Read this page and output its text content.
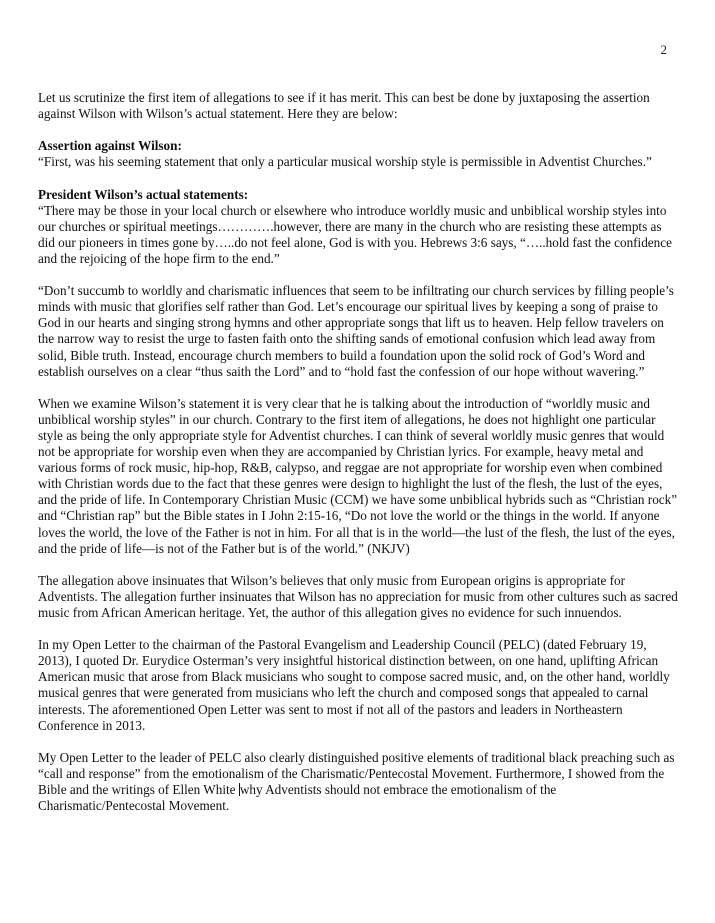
2

Let us scrutinize the first item of allegations to see if it has merit. This can best be done by juxtaposing the assertion against Wilson with Wilson’s actual statement. Here they are below:

Assertion against Wilson:
“First, was his seeming statement that only a particular musical worship style is permissible in Adventist Churches.”

President Wilson’s actual statements:
“There may be those in your local church or elsewhere who introduce worldly music and unbiblical worship styles into our churches or spiritual meetings………….however, there are many in the church who are resisting these attempts as did our pioneers in times gone by…..do not feel alone, God is with you. Hebrews 3:6 says, “…..hold fast the confidence and the rejoicing of the hope firm to the end.”

“Don’t succumb to worldly and charismatic influences that seem to be infiltrating our church services by filling people’s minds with music that glorifies self rather than God. Let’s encourage our spiritual lives by keeping a song of praise to God in our hearts and singing strong hymns and other appropriate songs that lift us to heaven. Help fellow travelers on the narrow way to resist the urge to fasten faith onto the shifting sands of emotional confusion which lead away from solid, Bible truth. Instead, encourage church members to build a foundation upon the solid rock of God’s Word and establish ourselves on a clear “thus saith the Lord” and to “hold fast the confession of our hope without wavering.”

When we examine Wilson’s statement it is very clear that he is talking about the introduction of “worldly music and unbiblical worship styles” in our church. Contrary to the first item of allegations, he does not highlight one particular style as being the only appropriate style for Adventist churches. I can think of several worldly music genres that would not be appropriate for worship even when they are accompanied by Christian lyrics. For example, heavy metal and various forms of rock music, hip-hop, R&B, calypso, and reggae are not appropriate for worship even when combined with Christian words due to the fact that these genres were design to highlight the lust of the flesh, the lust of the eyes, and the pride of life. In Contemporary Christian Music (CCM) we have some unbiblical hybrids such as “Christian rock” and “Christian rap” but the Bible states in I John 2:15-16, “Do not love the world or the things in the world. If anyone loves the world, the love of the Father is not in him. For all that is in the world—the lust of the flesh, the lust of the eyes, and the pride of life—is not of the Father but is of the world.” (NKJV)

The allegation above insinuates that Wilson’s believes that only music from European origins is appropriate for Adventists. The allegation further insinuates that Wilson has no appreciation for music from other cultures such as sacred music from African American heritage. Yet, the author of this allegation gives no evidence for such innuendos.

In my Open Letter to the chairman of the Pastoral Evangelism and Leadership Council (PELC) (dated February 19, 2013), I quoted Dr. Eurydice Osterman’s very insightful historical distinction between, on one hand, uplifting African American music that arose from Black musicians who sought to compose sacred music, and, on the other hand, worldly musical genres that were generated from musicians who left the church and composed songs that appealed to carnal interests. The aforementioned Open Letter was sent to most if not all of the pastors and leaders in Northeastern Conference in 2013.

My Open Letter to the leader of PELC also clearly distinguished positive elements of traditional black preaching such as “call and response” from the emotionalism of the Charismatic/Pentecostal Movement. Furthermore, I showed from the Bible and the writings of Ellen White why Adventists should not embrace the emotionalism of the Charismatic/Pentecostal Movement.
